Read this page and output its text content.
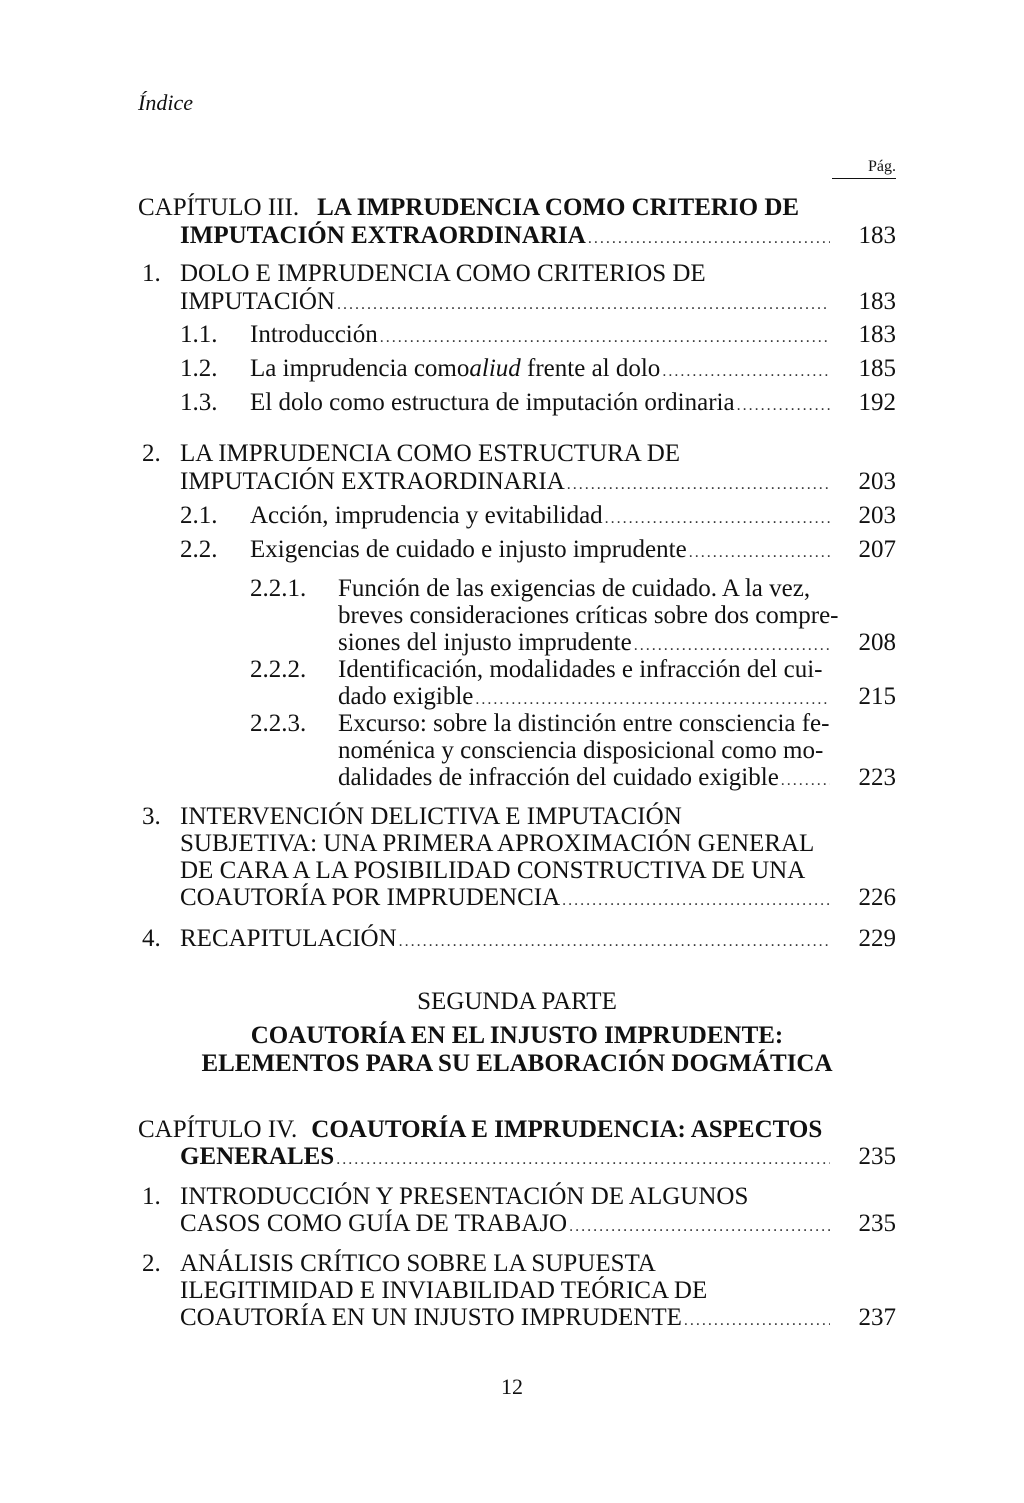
Índice
Pág.
CAPÍTULO III. LA IMPRUDENCIA COMO CRITERIO DE
IMPUTACIÓN EXTRAORDINARIA .....	183
1. DOLO E IMPRUDENCIA COMO CRITERIOS DE
IMPUTACIÓN .....	183
1.1.	Introducción .....	183
1.2.	La imprudencia como aliud frente al dolo .....	185
1.3.	El dolo como estructura de imputación ordinaria .....	192
2. LA IMPRUDENCIA COMO ESTRUCTURA DE
IMPUTACIÓN EXTRAORDINARIA .....	203
2.1.	Acción, imprudencia y evitabilidad .....	203
2.2.	Exigencias de cuidado e injusto imprudente .....	207
2.2.1.	Función de las exigencias de cuidado. A la vez,
breves consideraciones críticas sobre dos compre-
siones del injusto imprudente .....	208
2.2.2.	Identificación, modalidades e infracción del cui-
dado exigible .....	215
2.2.3.	Excurso: sobre la distinción entre consciencia fe-
noménica y consciencia disposicional como mo-
dalidades de infracción del cuidado exigible .....	223
3. INTERVENCIÓN DELICTIVA E IMPUTACIÓN
SUBJETIVA: UNA PRIMERA APROXIMACIÓN GENERAL
DE CARA A LA POSIBILIDAD CONSTRUCTIVA DE UNA
COAUTORÍA POR IMPRUDENCIA .....	226
4. RECAPITULACIÓN .....	229
SEGUNDA PARTE
COAUTORÍA EN EL INJUSTO IMPRUDENTE:
ELEMENTOS PARA SU ELABORACIÓN DOGMÁTICA
CAPÍTULO IV. COAUTORÍA E IMPRUDENCIA: ASPECTOS
GENERALES .....	235
1. INTRODUCCIÓN Y PRESENTACIÓN DE ALGUNOS
CASOS COMO GUÍA DE TRABAJO .....	235
2. ANÁLISIS CRÍTICO SOBRE LA SUPUESTA
ILEGITIMIDAD E INVIABILIDAD TEÓRICA DE
COAUTORÍA EN UN INJUSTO IMPRUDENTE .....	237
12
